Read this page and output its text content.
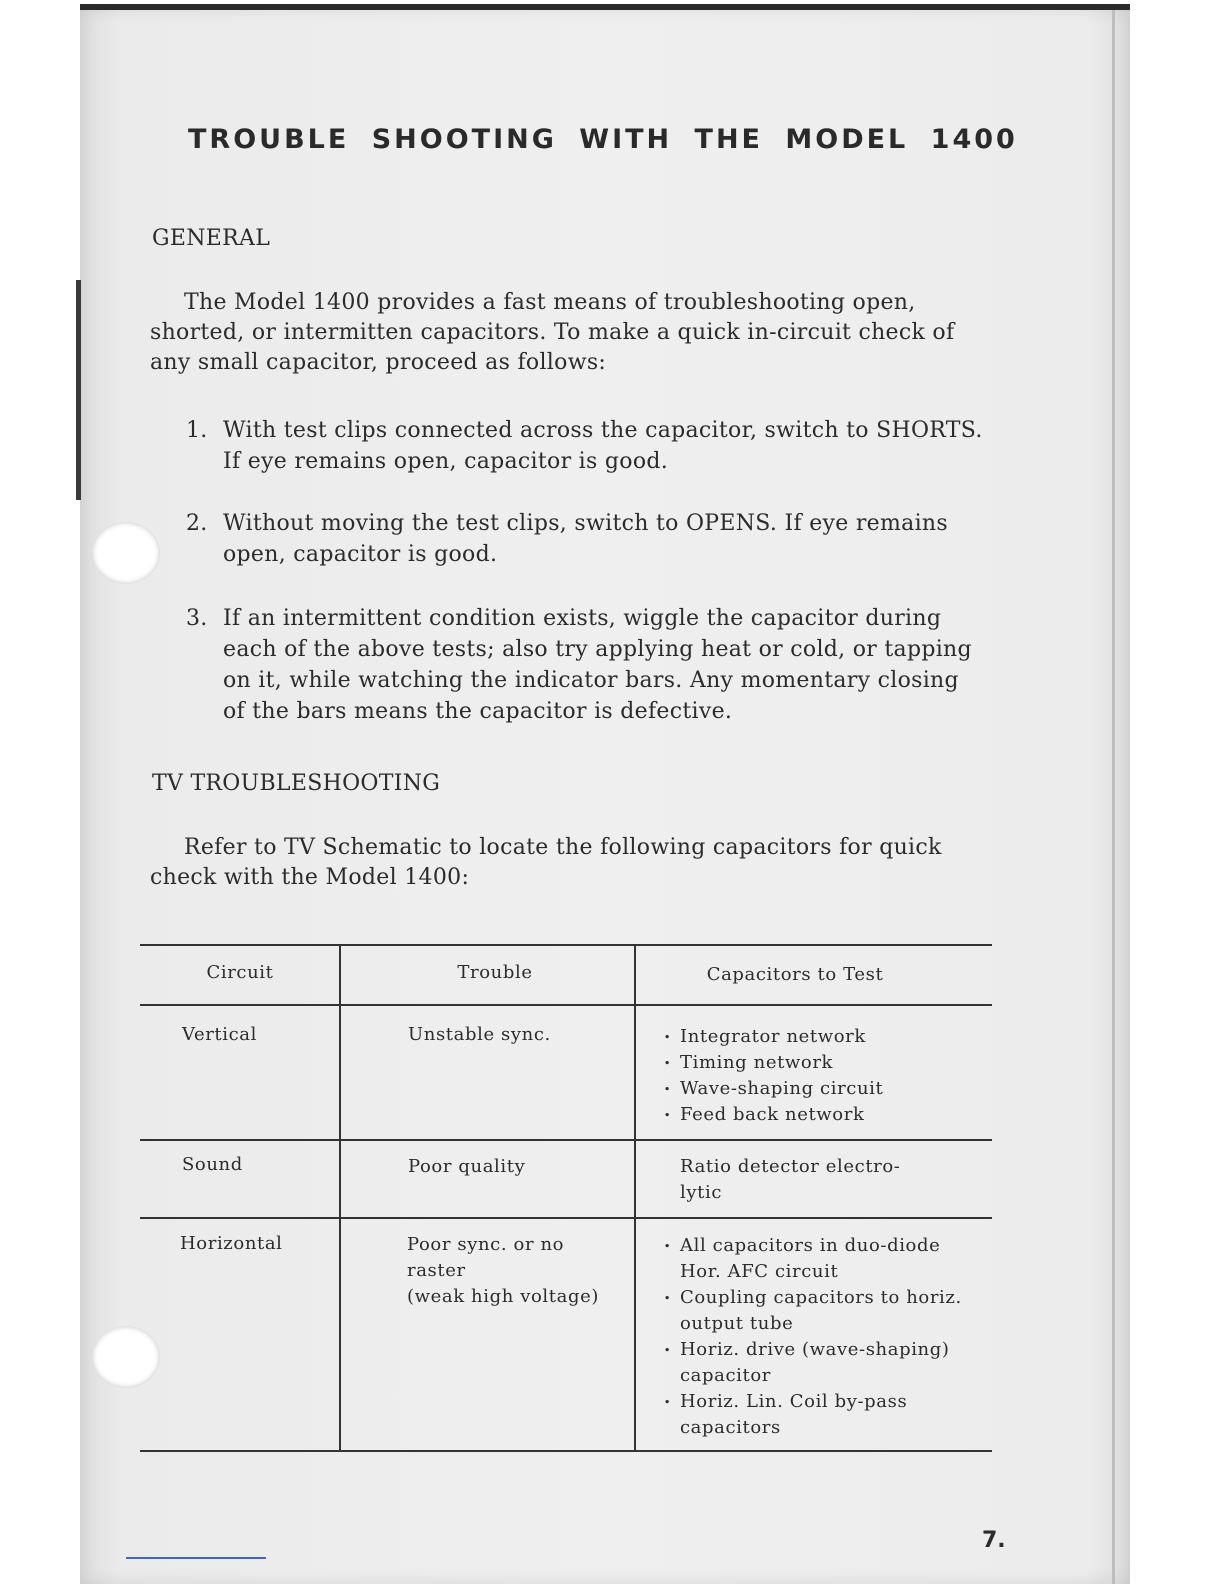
TROUBLE SHOOTING WITH THE MODEL 1400
GENERAL
The Model 1400 provides a fast means of troubleshooting open, shorted, or intermitten capacitors. To make a quick in-circuit check of any small capacitor, proceed as follows:
1. With test clips connected across the capacitor, switch to SHORTS. If eye remains open, capacitor is good.
2. Without moving the test clips, switch to OPENS. If eye remains open, capacitor is good.
3. If an intermittent condition exists, wiggle the capacitor during each of the above tests; also try applying heat or cold, or tapping on it, while watching the indicator bars. Any momentary closing of the bars means the capacitor is defective.
TV TROUBLESHOOTING
Refer to TV Schematic to locate the following capacitors for quick check with the Model 1400:
Circuit	Trouble	Capacitors to Test
Vertical	Unstable sync.
.	Integrator network
. Timing network
. Wave-shaping circuit
. Feed back network
Sound	Poor quality	Ratio detector electro-
lytic
Horizontal	Poor sync. or no
raster
(weak high voltage)
. All capacitors in duo-diode Hor. AFC circuit
. Coupling capacitors to horiz. output tube
. Horiz. drive (wave-shaping) capacitor
. Horiz. Lin. Coil by-pass capacitors
7.
